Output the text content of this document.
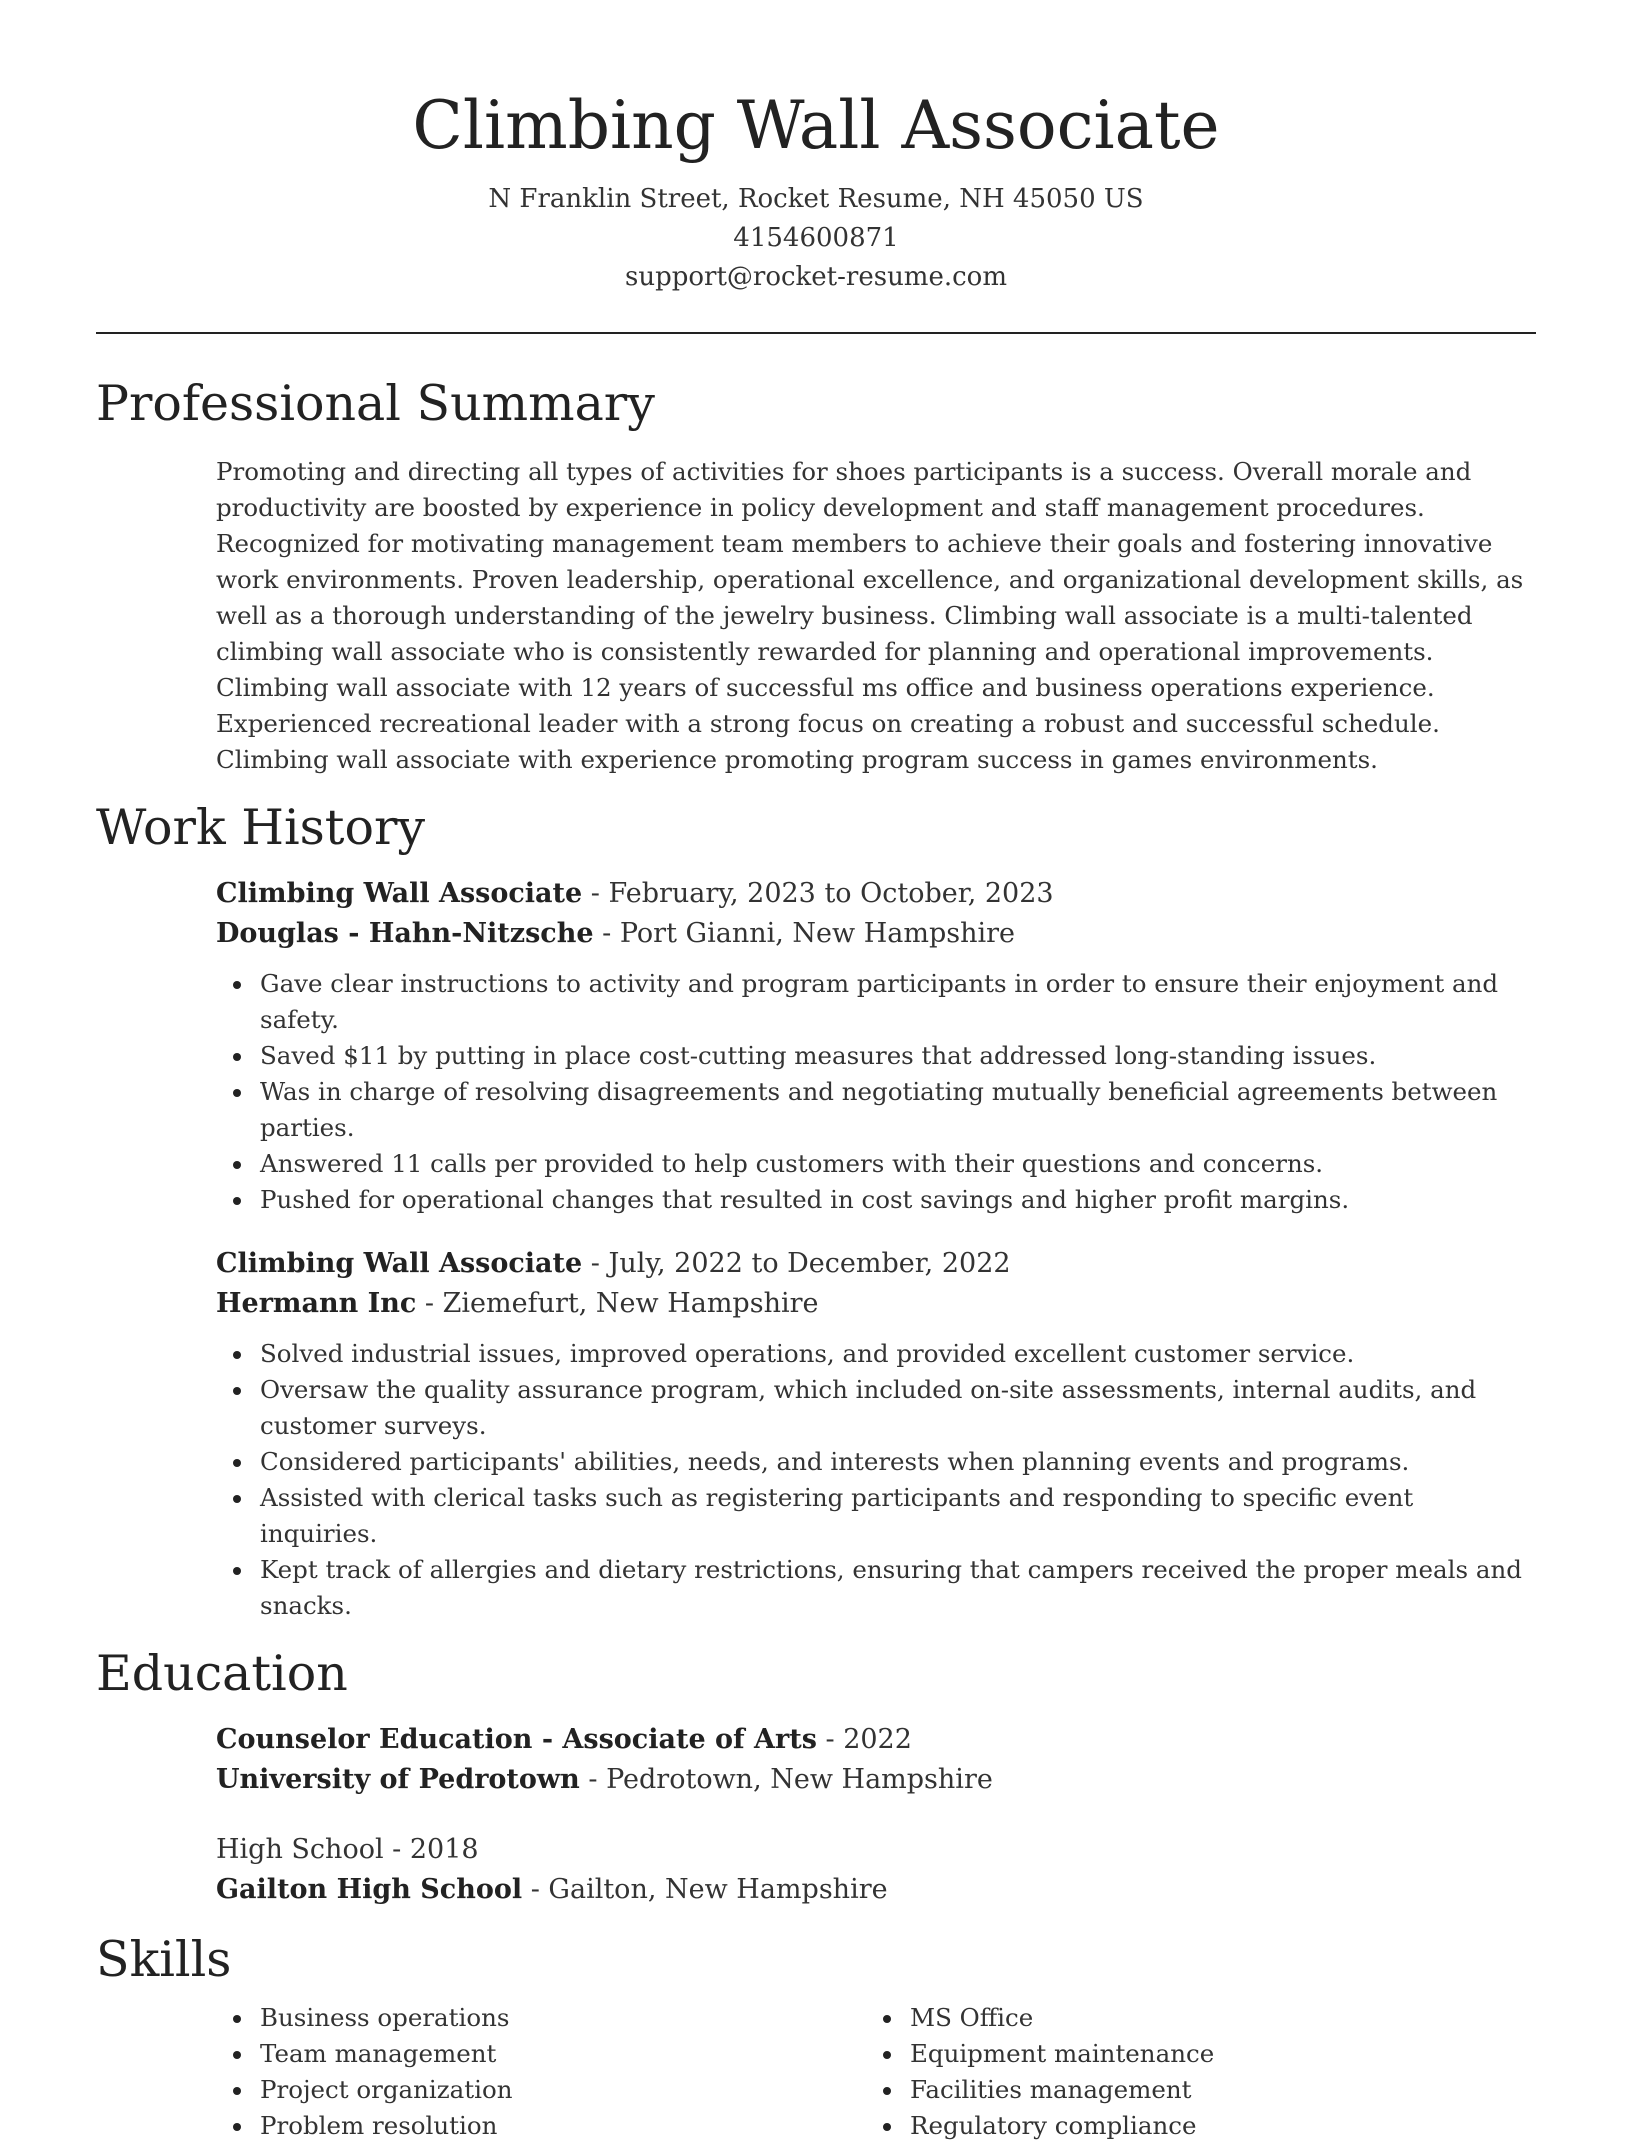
Climbing Wall Associate
N Franklin Street, Rocket Resume, NH 45050 US
4154600871
support@rocket-resume.com
Professional Summary

Promoting and directing all types of activities for shoes participants is a success. Overall morale and productivity are boosted by experience in policy development and staff management procedures. Recognized for motivating management team members to achieve their goals and fostering innovative work environments. Proven leadership, operational excellence, and organizational development skills, as well as a thorough understanding of the jewelry business. Climbing wall associate is a multi-talented climbing wall associate who is consistently rewarded for planning and operational improvements. Climbing wall associate with 12 years of successful ms office and business operations experience. Experienced recreational leader with a strong focus on creating a robust and successful schedule. Climbing wall associate with experience promoting program success in games environments.

Work History
Climbing Wall Associate - February, 2023 to October, 2023
Douglas - Hahn-Nitzsche - Port Gianni, New Hampshire
Gave clear instructions to activity and program participants in order to ensure their enjoyment and safety.
Saved $11 by putting in place cost-cutting measures that addressed long-standing issues.
Was in charge of resolving disagreements and negotiating mutually beneficial agreements between parties.
Answered 11 calls per provided to help customers with their questions and concerns.
Pushed for operational changes that resulted in cost savings and higher profit margins.
Climbing Wall Associate - July, 2022 to December, 2022
Hermann Inc - Ziemefurt, New Hampshire
Solved industrial issues, improved operations, and provided excellent customer service.
Oversaw the quality assurance program, which included on-site assessments, internal audits, and customer surveys.
Considered participants' abilities, needs, and interests when planning events and programs.
Assisted with clerical tasks such as registering participants and responding to specific event inquiries.
Kept track of allergies and dietary restrictions, ensuring that campers received the proper meals and snacks.
Education
Counselor Education - Associate of Arts - 2022
University of Pedrotown - Pedrotown, New Hampshire
High School - 2018
Gailton High School - Gailton, New Hampshire
Skills
Business operations
Team management
Project organization
Problem resolution
MS Office
Equipment maintenance
Facilities management
Regulatory compliance
